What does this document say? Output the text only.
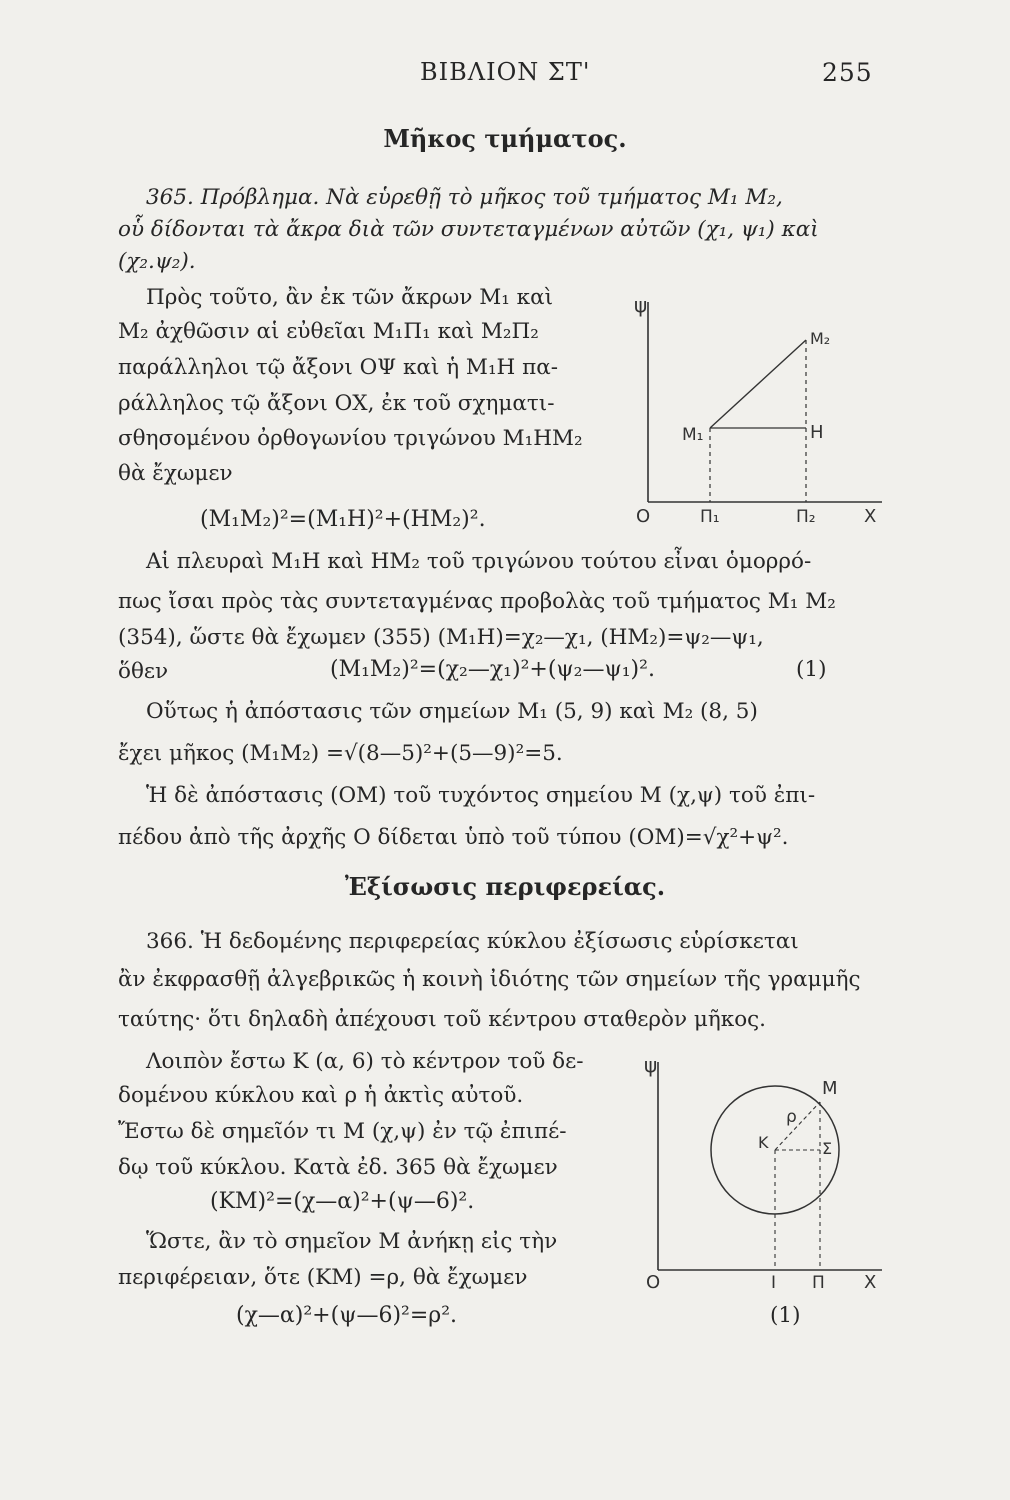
ΒΙΒΛΙΟΝ ΣΤ'	255
Μῆκος τμήματος.
365. Πρόβλημα. Νὰ εὑρεθῇ τὸ μῆκος τοῦ τμήματος M₁ M₂,
οὗ δίδονται τὰ ἄκρα διὰ τῶν συντεταγμένων αὐτῶν (χ₁, ψ₁) καὶ
(χ₂.ψ₂).
Πρὸς τοῦτο, ἂν ἐκ τῶν ἄκρων M₁ καὶ
M₂ ἀχθῶσιν αἱ εὐθεῖαι M₁Π₁ καὶ M₂Π₂
παράλληλοι τῷ ἄξονι ΟΨ καὶ ἡ M₁H πα-
ράλληλος τῷ ἄξονι ΟΧ, ἐκ τοῦ σχηματι-
σθησομένου ὀρθογωνίου τριγώνου M₁HM₂
θὰ ἔχωμεν
(M₁M₂)²=(M₁H)²+(HM₂)².
ψ
M₂
M₁	H
O	Π₁	Π₂	X
Αἱ πλευραὶ M₁H καὶ HM₂ τοῦ τριγώνου τούτου εἶναι ὁμορρό-
πως ἴσαι πρὸς τὰς συντεταγμένας προβολὰς τοῦ τμήματος M₁ M₂
(354), ὥστε θὰ ἔχωμεν (355) (M₁H)=χ₂—χ₁, (HM₂)=ψ₂—ψ₁,
ὅθεν	(M₁M₂)²=(χ₂—χ₁)²+(ψ₂—ψ₁)².	(1)
Οὕτως ἡ ἀπόστασις τῶν σημείων M₁ (5, 9) καὶ M₂ (8, 5)
ἔχει μῆκος (M₁M₂) =√(8—5)²+(5—9)²=5.
Ἡ δὲ ἀπόστασις (ΟΜ) τοῦ τυχόντος σημείου Μ (χ,ψ) τοῦ ἐπι-
πέδου ἀπὸ τῆς ἀρχῆς Ο δίδεται ὑπὸ τοῦ τύπου (ΟΜ)=√χ²+ψ².
Ἐξίσωσις περιφερείας.
366. Ἡ δεδομένης περιφερείας κύκλου ἐξίσωσις εὑρίσκεται
ἂν ἐκφρασθῇ ἀλγεβρικῶς ἡ κοινὴ ἰδιότης τῶν σημείων τῆς γραμμῆς
ταύτης· ὅτι δηλαδὴ ἀπέχουσι τοῦ κέντρου σταθερὸν μῆκος.
Λοιπὸν ἔστω Κ (α, 6) τὸ κέντρον τοῦ δε-
δομένου κύκλου καὶ ρ ἡ ἀκτὶς αὐτοῦ.
Ἔστω δὲ σημεῖόν τι Μ (χ,ψ) ἐν τῷ ἐπιπέ-
δῳ τοῦ κύκλου. Κατὰ ἐδ. 365 θὰ ἔχωμεν
(KM)²=(χ—α)²+(ψ—6)².
Ὥστε, ἂν τὸ σημεῖον Μ ἀνήκῃ εἰς τὴν
περιφέρειαν, ὅτε (KM) =ρ, θὰ ἔχωμεν
(χ—α)²+(ψ—6)²=ρ².	(1)
ψ
M
ρ
K	Σ
O	I Π X
